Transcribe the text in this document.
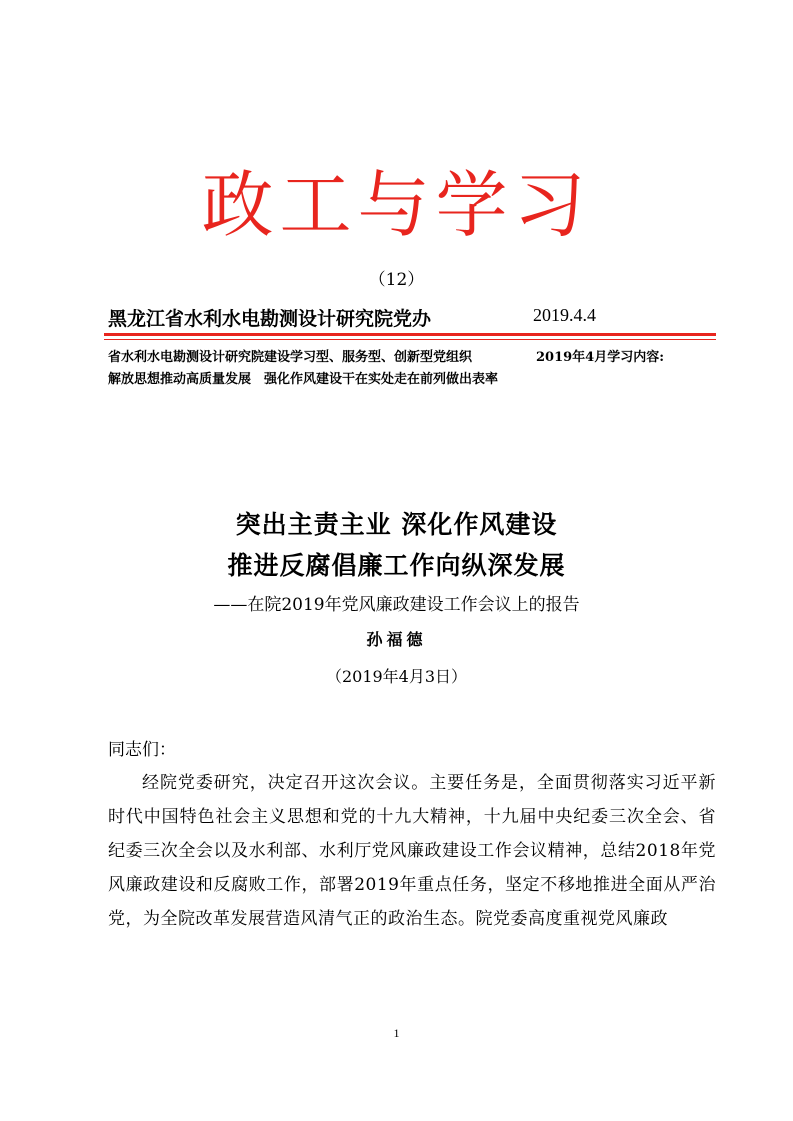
政工与学习
（12）
黑龙江省水利水电勘测设计研究院党办	2019.4.4
省水利水电勘测设计研究院建设学习型、服务型、创新型党组织	2019年4月学习内容:
解放思想推动高质量发展　强化作风建设干在实处走在前列做出表率
突出主责主业 深化作风建设
推进反腐倡廉工作向纵深发展
——在院2019年党风廉政建设工作会议上的报告
孙福德
（2019年4月3日）
同志们：
经院党委研究，决定召开这次会议。主要任务是，全面贯彻落实习近平新时代中国特色社会主义思想和党的十九大精神，十九届中央纪委三次全会、省纪委三次全会以及水利部、水利厅党风廉政建设工作会议精神，总结2018年党风廉政建设和反腐败工作，部署2019年重点任务，坚定不移地推进全面从严治党，为全院改革发展营造风清气正的政治生态。院党委高度重视党风廉政
1
